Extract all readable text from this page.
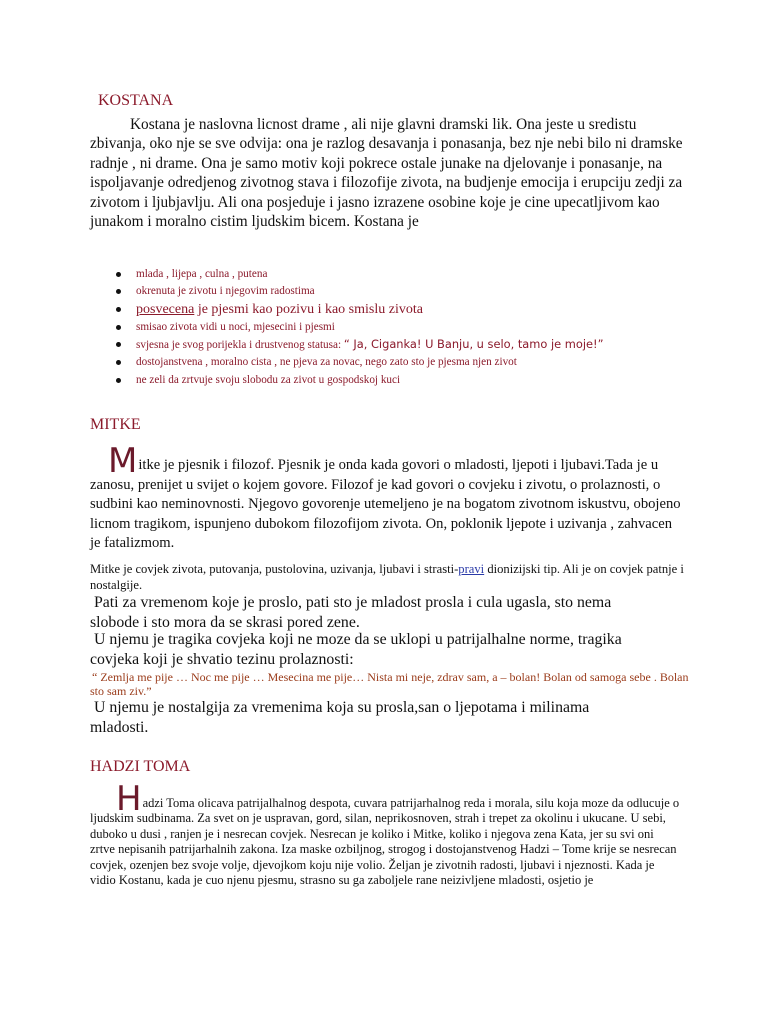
KOSTANA

Kostana je naslovna licnost drame , ali nije glavni dramski lik. Ona jeste u sredistu zbivanja, oko nje se sve odvija: ona je razlog desavanja i ponasanja, bez nje nebi bilo ni dramske radnje , ni drame. Ona je samo motiv koji pokrece ostale junake na djelovanje i ponasanje, na ispoljavanje odredjenog zivotnog stava i filozofije zivota, na budjenje emocija i erupciju zedji za zivotom i ljubjavlju. Ali ona posjeduje i jasno izrazene osobine koje je cine upecatljivom kao junakom i moralno cistim ljudskim bicem. Kostana je

mlada , lijepa , culna , putena
okrenuta je zivotu i njegovim radostima
posvecena je pjesmi kao pozivu i kao smislu zivota
smisao zivota vidi u noci, mjesecini i pjesmi
svjesna je svog porijekla i drustvenog statusa: “ Ja, Ciganka! U Banju, u selo, tamo je moje!”
dostojanstvena , moralno cista , ne pjeva za novac, nego zato sto je pjesma njen zivot
ne zeli da zrtvuje svoju slobodu za zivot u gospodskoj kuci
MITKE

Mitke je pjesnik i filozof. Pjesnik je onda kada govori o mladosti, ljepoti i ljubavi.Tada je u zanosu, prenijet u svijet o kojem govore. Filozof je kad govori o covjeku i zivotu, o prolaznosti, o sudbini kao neminovnosti. Njegovo govorenje utemeljeno je na bogatom zivotnom iskustvu, obojeno licnom tragikom, ispunjeno dubokom filozofijom zivota. On, poklonik ljepote i uzivanja , zahvacen je fatalizmom.

Mitke je covjek zivota, putovanja, pustolovina, uzivanja, ljubavi i strasti-pravi dionizijski tip. Ali je on covjek patnje i nostalgije.

Pati za vremenom koje je proslo, pati sto je mladost prosla i cula ugasla, sto nema slobode i sto mora da se skrasi pored zene.

U njemu je tragika covjeka koji ne moze da se uklopi u patrijalhalne norme, tragika covjeka koji je shvatio tezinu prolaznosti:

“ Zemlja me pije … Noc me pije … Mesecina me pije… Nista mi neje, zdrav sam, a – bolan! Bolan od samoga sebe . Bolan sto sam ziv.”

U njemu je nostalgija za vremenima koja su prosla,san o ljepotama i milinama mladosti.

HADZI TOMA

Hadzi Toma olicava patrijalhalnog despota, cuvara patrijarhalnog reda i morala, silu koja moze da odlucuje o ljudskim sudbinama. Za svet on je uspravan, gord, silan, neprikosnoven, strah i trepet za okolinu i ukucane. U sebi, duboko u dusi , ranjen je i nesrecan covjek. Nesrecan je koliko i Mitke, koliko i njegova zena Kata, jer su svi oni zrtve nepisanih patrijarhalnih zakona. Iza maske ozbiljnog, strogog i dostojanstvenog Hadzi – Tome krije se nesrecan covjek, ozenjen bez svoje volje, djevojkom koju nije volio. Željan je zivotnih radosti, ljubavi i njeznosti. Kada je vidio Kostanu, kada je cuo njenu pjesmu, strasno su ga zaboljele rane neizivljene mladosti, osjetio je
